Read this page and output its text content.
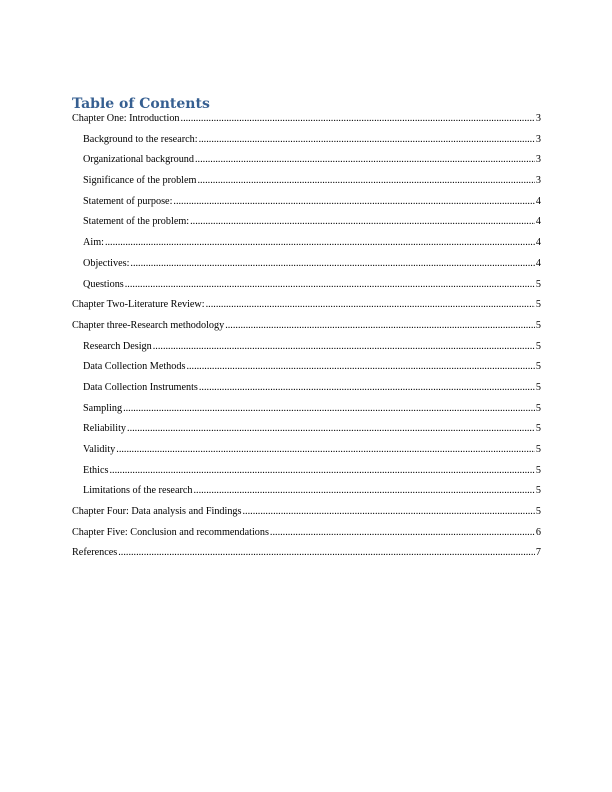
Table of Contents
Chapter One: Introduction .....	3
Background to the research: .....	3
Organizational background .....	3
Significance of the problem .....	3
Statement of purpose: .....	4
Statement of the problem: .....	4
Aim: .....	4
Objectives: .....	4
Questions .....	5
Chapter Two-Literature Review: .....	5
Chapter three-Research methodology .....	5
Research Design .....	5
Data Collection Methods .....	5
Data Collection Instruments .....	5
Sampling .....	5
Reliability .....	5
Validity .....	5
Ethics .....	5
Limitations of the research .....	5
Chapter Four: Data analysis and Findings .....	5
Chapter Five: Conclusion and recommendations .....	6
References .....	7
